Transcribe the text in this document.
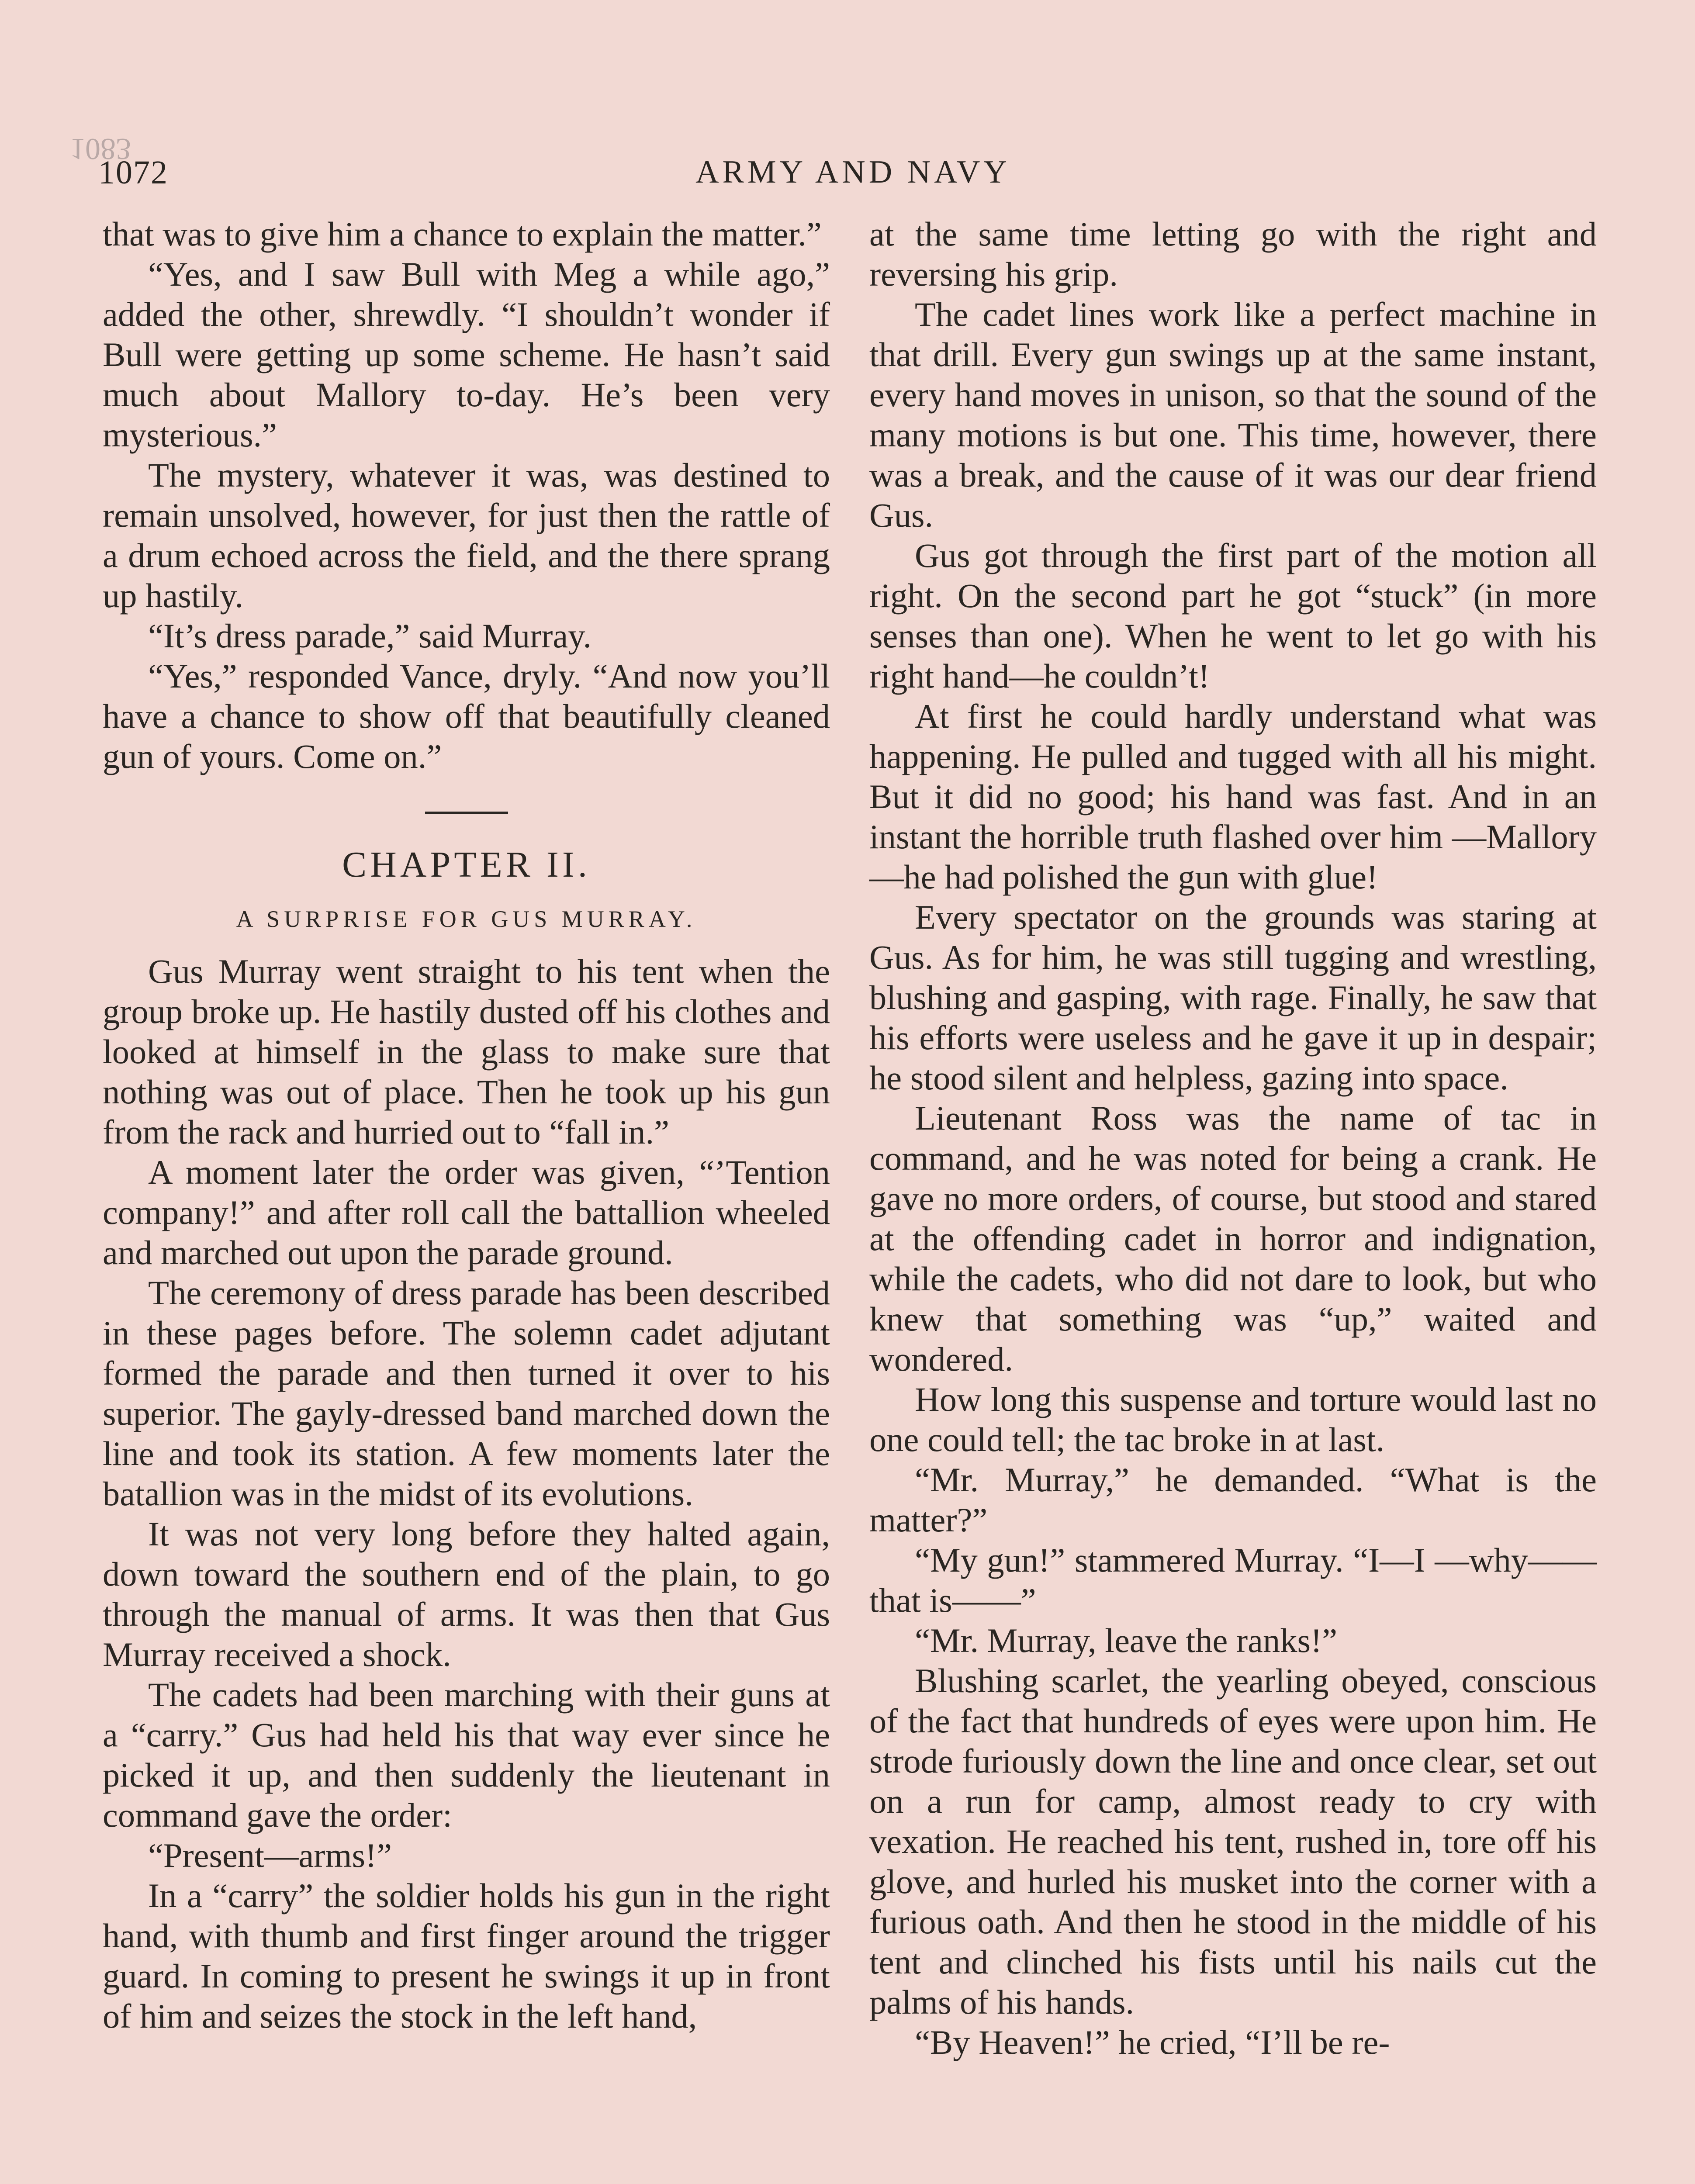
1083
1072	ARMY AND NAVY

that was to give him a chance to explain the matter.”

“Yes, and I saw Bull with Meg a while ago,” added the other, shrewdly. “I shouldn’t wonder if Bull were getting up some scheme. He hasn’t said much about Mallory to-day. He’s been very mysterious.”

The mystery, whatever it was, was destined to remain unsolved, however, for just then the rattle of a drum echoed across the field, and the there sprang up hastily.

“It’s dress parade,” said Murray.

“Yes,” responded Vance, dryly. “And now you’ll have a chance to show off that beautifully cleaned gun of yours. Come on.”

CHAPTER II.
A SURPRISE FOR GUS MURRAY.

Gus Murray went straight to his tent when the group broke up. He hastily dusted off his clothes and looked at himself in the glass to make sure that nothing was out of place. Then he took up his gun from the rack and hurried out to “fall in.”

A moment later the order was given, “’Tention company!” and after roll call the battallion wheeled and marched out upon the parade ground.

The ceremony of dress parade has been described in these pages before. The solemn cadet adjutant formed the parade and then turned it over to his superior. The gayly-dressed band marched down the line and took its station. A few moments later the batallion was in the midst of its evolutions.

It was not very long before they halted again, down toward the southern end of the plain, to go through the manual of arms. It was then that Gus Murray received a shock.

The cadets had been marching with their guns at a “carry.” Gus had held his that way ever since he picked it up, and then suddenly the lieutenant in command gave the order:

“Present—arms!”

In a “carry” the soldier holds his gun in the right hand, with thumb and first finger around the trigger guard. In coming to present he swings it up in front of him and seizes the stock in the left hand,

at the same time letting go with the right and reversing his grip.

The cadet lines work like a perfect machine in that drill. Every gun swings up at the same instant, every hand moves in unison, so that the sound of the many motions is but one. This time, however, there was a break, and the cause of it was our dear friend Gus.

Gus got through the first part of the motion all right. On the second part he got “stuck” (in more senses than one). When he went to let go with his right hand—he couldn’t!

At first he could hardly understand what was happening. He pulled and tugged with all his might. But it did no good; his hand was fast. And in an instant the horrible truth flashed over him —Mallory—he had polished the gun with glue!

Every spectator on the grounds was staring at Gus. As for him, he was still tugging and wrestling, blushing and gasping, with rage. Finally, he saw that his efforts were useless and he gave it up in despair; he stood silent and helpless, gazing into space.

Lieutenant Ross was the name of tac in command, and he was noted for being a crank. He gave no more orders, of course, but stood and stared at the offending cadet in horror and indignation, while the cadets, who did not dare to look, but who knew that something was “up,” waited and wondered.

How long this suspense and torture would last no one could tell; the tac broke in at last.

“Mr. Murray,” he demanded. “What is the matter?”

“My gun!” stammered Murray. “I—I —why——that is——”

“Mr. Murray, leave the ranks!”

Blushing scarlet, the yearling obeyed, conscious of the fact that hundreds of eyes were upon him. He strode furiously down the line and once clear, set out on a run for camp, almost ready to cry with vexation. He reached his tent, rushed in, tore off his glove, and hurled his musket into the corner with a furious oath. And then he stood in the middle of his tent and clinched his fists until his nails cut the palms of his hands.

“By Heaven!” he cried, “I’ll be re-
